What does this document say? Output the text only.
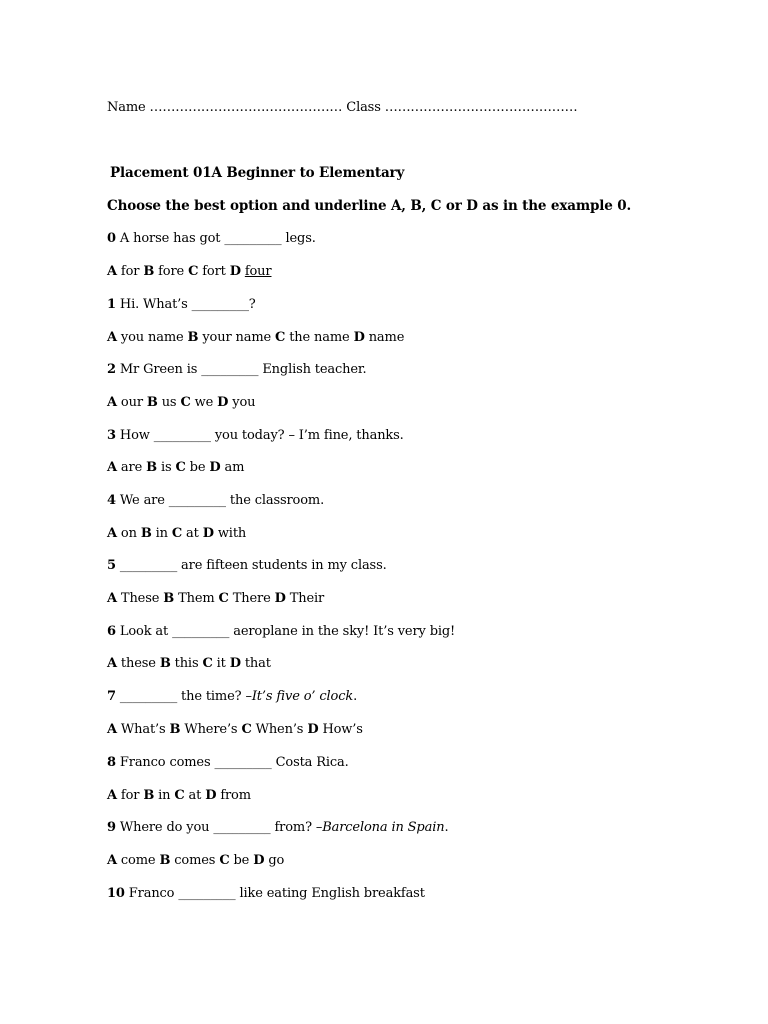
Name ……………………………………… Class ………………………………………
Placement 01A Beginner to Elementary
Choose the best option and underline A, B, C or D as in the example 0.
0 A horse has got _________ legs.
A for B fore C fort D four
1 Hi. What’s _________?
A you name B your name C the name D name
2 Mr Green is _________ English teacher.
A our B us C we D you
3 How _________ you today? – I’m fine, thanks.
A are B is C be D am
4 We are _________ the classroom.
A on B in C at D with
5 _________ are fifteen students in my class.
A These B Them C There D Their
6 Look at _________ aeroplane in the sky! It’s very big!
A these B this C it D that
7 _________ the time? –It’s five o’ clock.
A What’s B Where’s C When’s D How’s
8 Franco comes _________ Costa Rica.
A for B in C at D from
9 Where do you _________ from? –Barcelona in Spain.
A come B comes C be D go
10 Franco _________ like eating English breakfast
